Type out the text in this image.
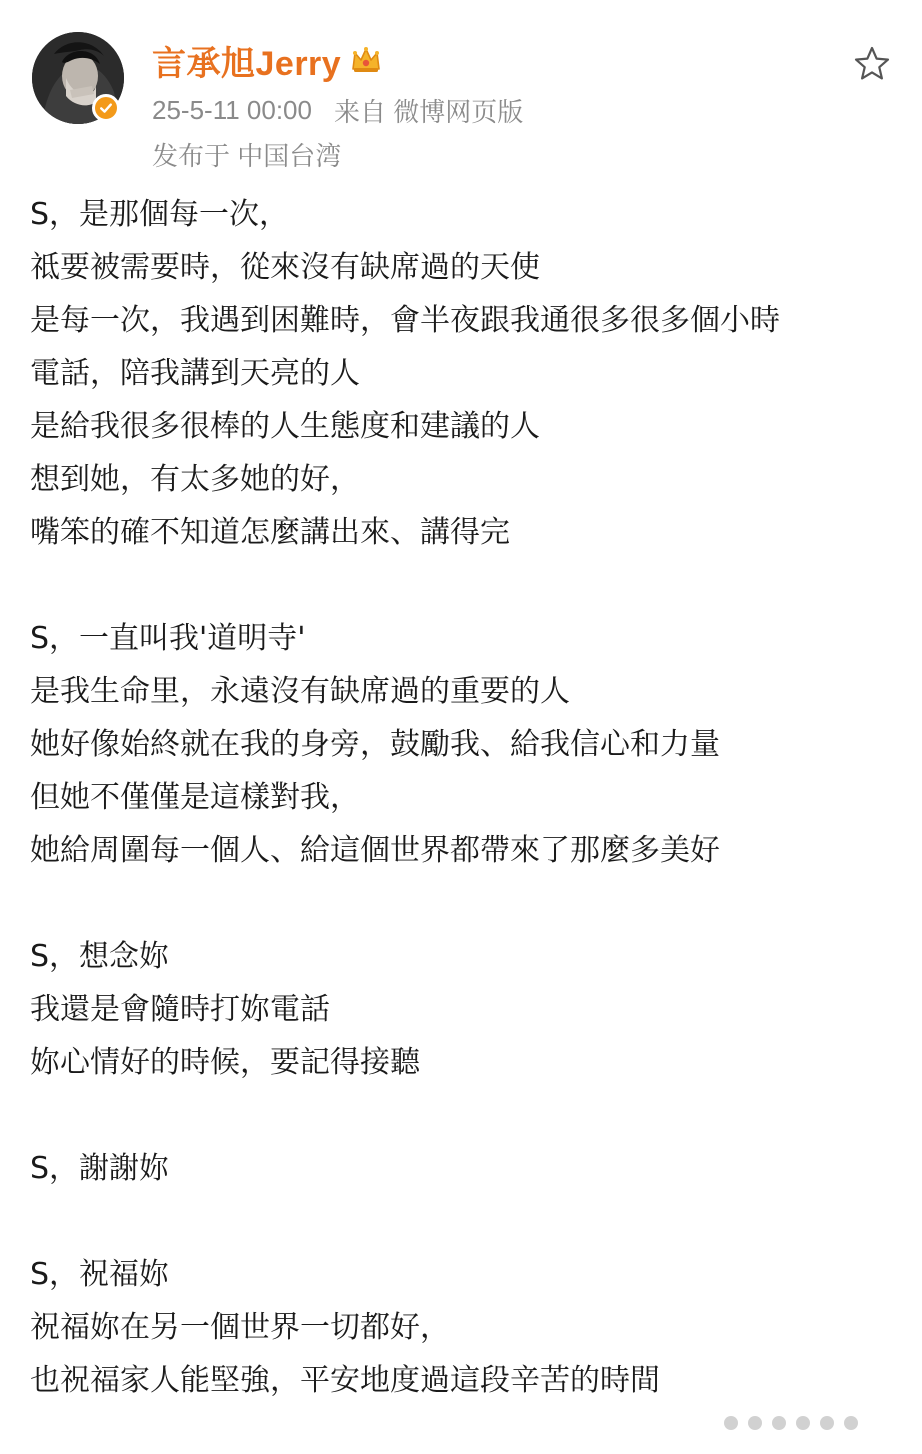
言承旭Jerry
25-5-11 00:00 来自 微博网页版
发布于 中国台湾
S，是那個每一次，
祗要被需要時，從來沒有缺席過的天使
是每一次，我遇到困難時，會半夜跟我通很多很多個小時
電話，陪我講到天亮的人
是給我很多很棒的人生態度和建議的人
想到她，有太多她的好，
嘴笨的確不知道怎麼講出來、講得完
S，一直叫我'道明寺'
是我生命里，永遠沒有缺席過的重要的人
她好像始終就在我的身旁，鼓勵我、給我信心和力量
但她不僅僅是這樣對我，
她給周圍每一個人、給這個世界都帶來了那麼多美好
S，想念妳
我還是會隨時打妳電話
妳心情好的時候，要記得接聽
S，謝謝妳
S，祝福妳
祝福妳在另一個世界一切都好，
也祝福家人能堅強，平安地度過這段辛苦的時間
